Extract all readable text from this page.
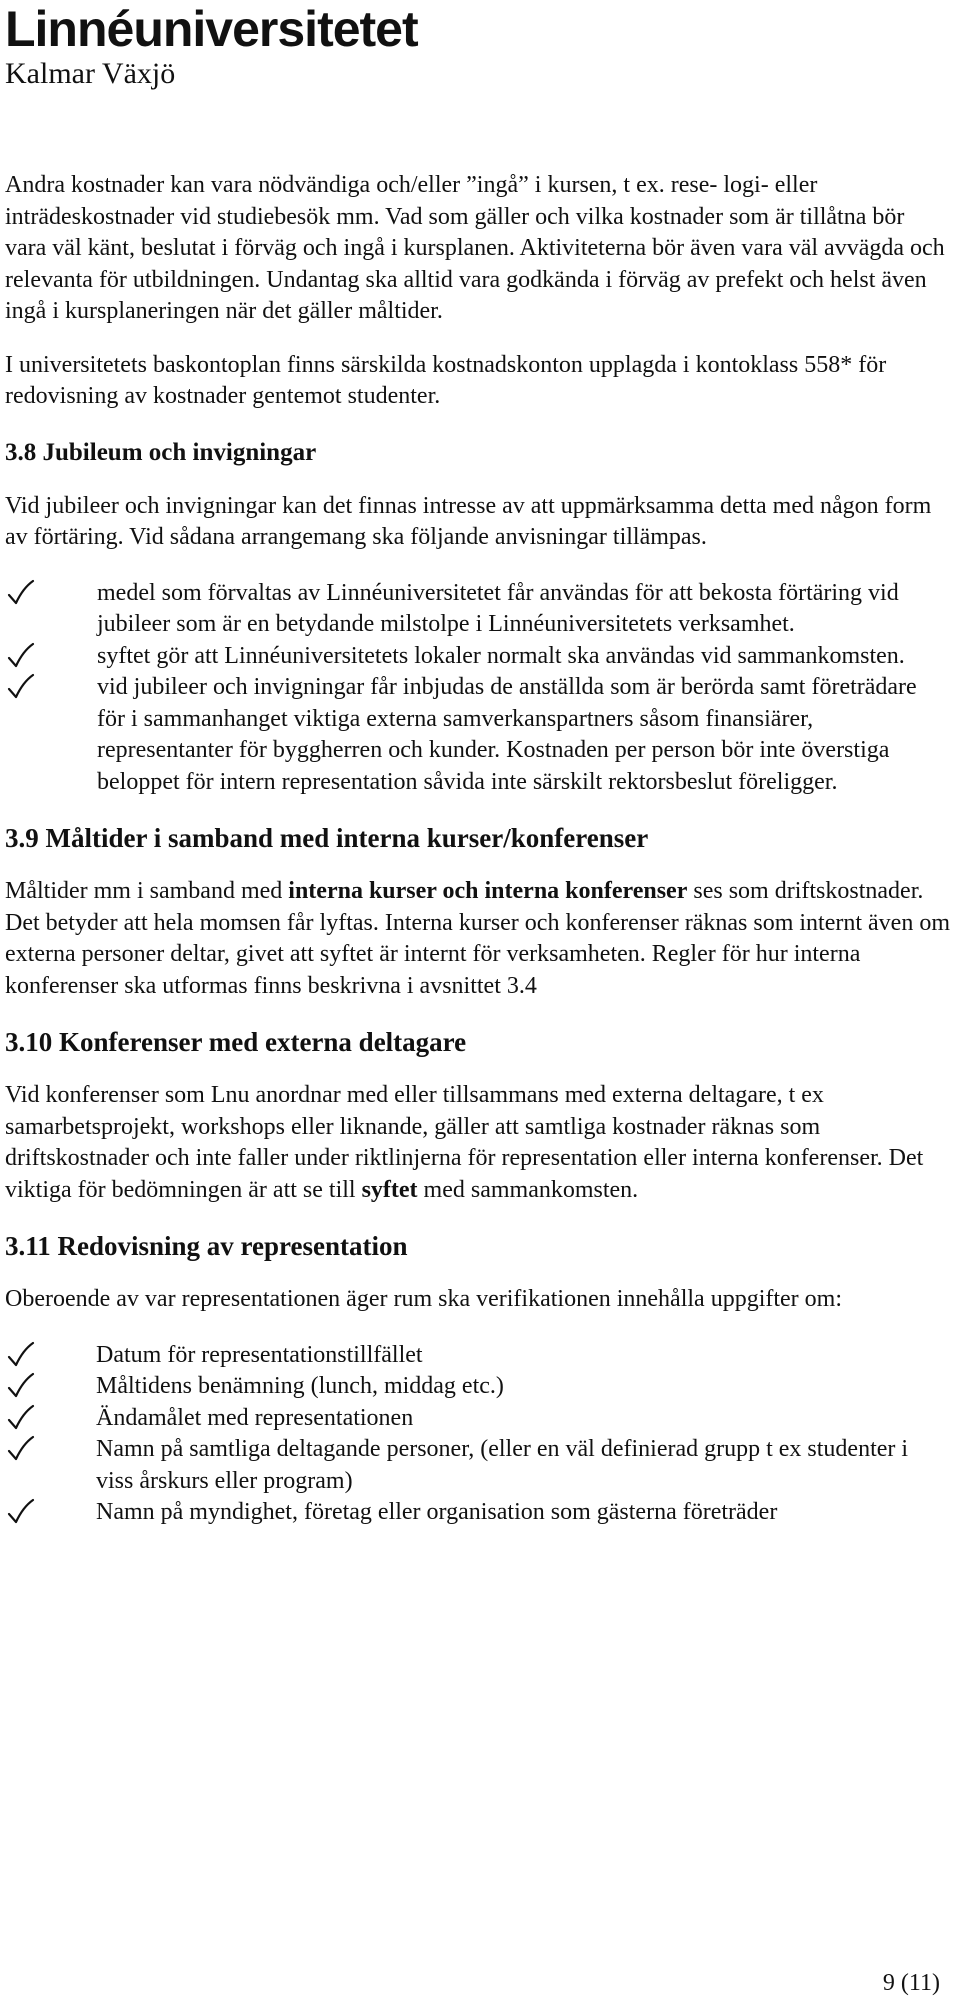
Linnéuniversitetet
Kalmar Växjö

Andra kostnader kan vara nödvändiga och/eller ”ingå” i kursen, t ex. rese- logi- eller inträdeskostnader vid studiebesök mm. Vad som gäller och vilka kostnader som är tillåtna bör vara väl känt, beslutat i förväg och ingå i kursplanen. Aktiviteterna bör även vara väl avvägda och relevanta för utbildningen. Undantag ska alltid vara godkända i förväg av prefekt och helst även ingå i kursplaneringen när det gäller måltider.

I universitetets baskontoplan finns särskilda kostnadskonton upplagda i kontoklass 558* för redovisning av kostnader gentemot studenter.

3.8 Jubileum och invigningar

Vid jubileer och invigningar kan det finnas intresse av att uppmärksamma detta med någon form av förtäring. Vid sådana arrangemang ska följande anvisningar tillämpas.

medel som förvaltas av Linnéuniversitetet får användas för att bekosta förtäring vid jubileer som är en betydande milstolpe i Linnéuniversitetets verksamhet.
syftet gör att Linnéuniversitetets lokaler normalt ska användas vid sammankomsten.
vid jubileer och invigningar får inbjudas de anställda som är berörda samt företrädare för i sammanhanget viktiga externa samverkanspartners såsom finansiärer, representanter för byggherren och kunder. Kostnaden per person bör inte överstiga beloppet för intern representation såvida inte särskilt rektorsbeslut föreligger.
3.9 Måltider i samband med interna kurser/konferenser

Måltider mm i samband med interna kurser och interna konferenser ses som driftskostnader. Det betyder att hela momsen får lyftas. Interna kurser och konferenser räknas som internt även om externa personer deltar, givet att syftet är internt för verksamheten. Regler för hur interna konferenser ska utformas finns beskrivna i avsnittet 3.4

3.10 Konferenser med externa deltagare

Vid konferenser som Lnu anordnar med eller tillsammans med externa deltagare, t ex samarbetsprojekt, workshops eller liknande, gäller att samtliga kostnader räknas som driftskostnader och inte faller under riktlinjerna för representation eller interna konferenser. Det viktiga för bedömningen är att se till syftet med sammankomsten.

3.11 Redovisning av representation

Oberoende av var representationen äger rum ska verifikationen innehålla uppgifter om:

Datum för representationstillfället
Måltidens benämning (lunch, middag etc.)
Ändamålet med representationen
Namn på samtliga deltagande personer, (eller en väl definierad grupp t ex studenter i viss årskurs eller program)
Namn på myndighet, företag eller organisation som gästerna företräder
9 (11)
